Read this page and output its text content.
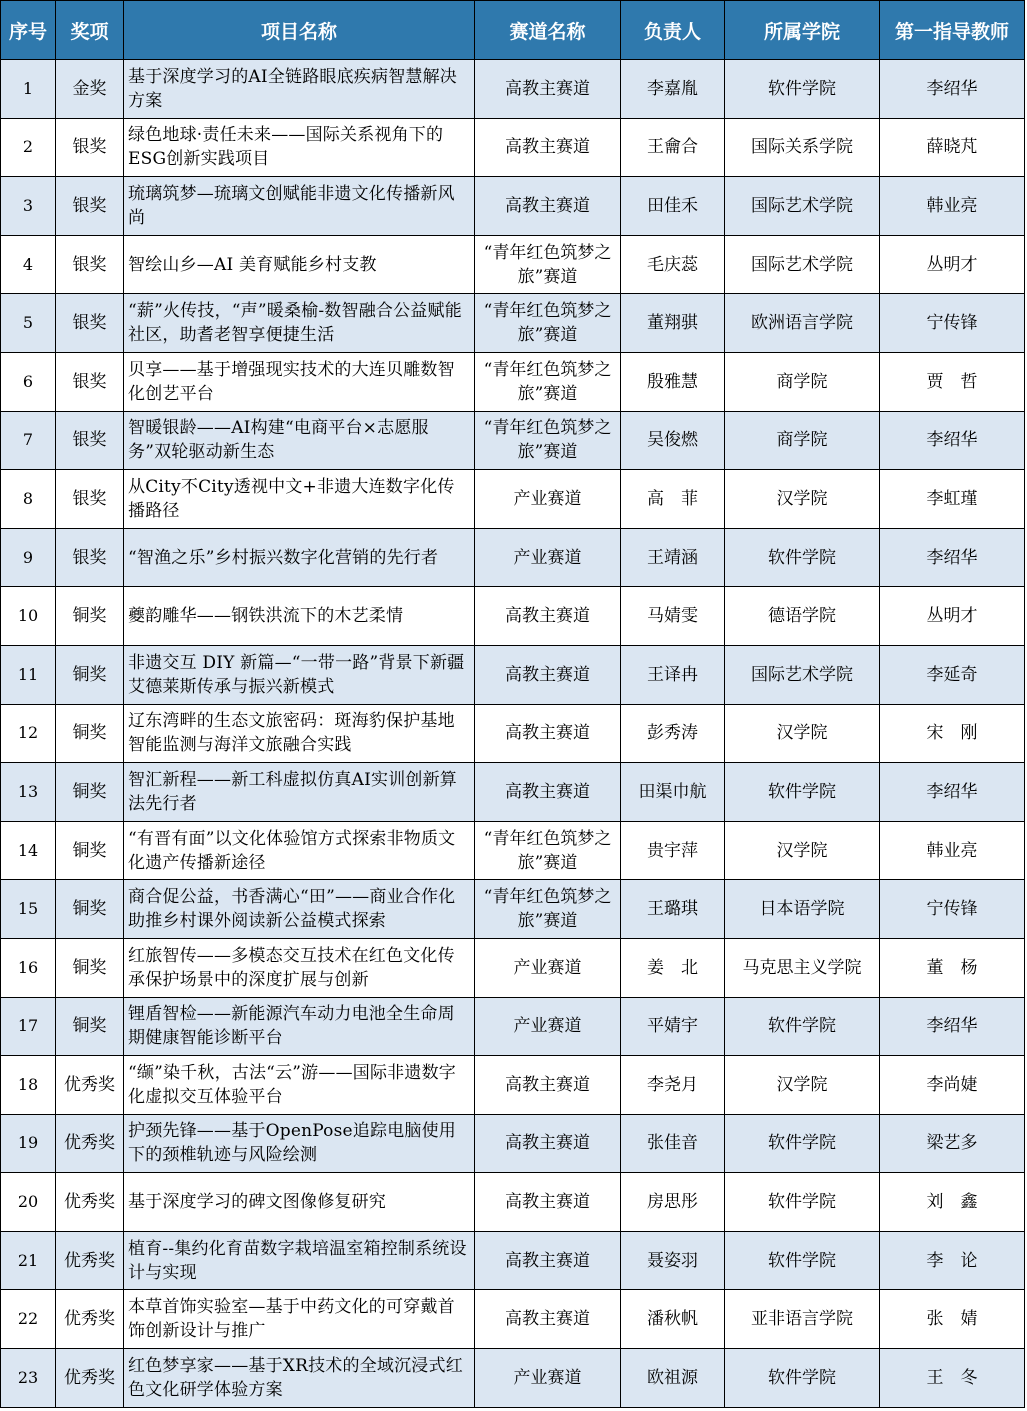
序号	奖项	项目名称	赛道名称	负责人	所属学院	第一指导教师
1	金奖	基于深度学习的AI全链路眼底疾病智慧解决方案	高教主赛道	李嘉胤	软件学院	李绍华
2	银奖	绿色地球·责任未来——国际关系视角下的ESG创新实践项目	高教主赛道	王龠合	国际关系学院	薛晓芃
3	银奖	琉璃筑梦—琉璃文创赋能非遗文化传播新风尚	高教主赛道	田佳禾	国际艺术学院	韩业亮
4	银奖	智绘山乡—AI 美育赋能乡村支教	“青年红色筑梦之旅”赛道	毛庆蕊	国际艺术学院	丛明才
5	银奖	“薪”火传技，“声”暖桑榆-数智融合公益赋能社区，助耆老智享便捷生活	“青年红色筑梦之旅”赛道	董翔骐	欧洲语言学院	宁传锋
6	银奖	贝享——基于增强现实技术的大连贝雕数智化创艺平台	“青年红色筑梦之旅”赛道	殷雅慧	商学院	贾　哲
7	银奖	智暖银龄——AI构建“电商平台×志愿服务”双轮驱动新生态	“青年红色筑梦之旅”赛道	吴俊燃	商学院	李绍华
8	银奖	从City不City透视中文+非遗大连数字化传播路径	产业赛道	高　菲	汉学院	李虹瑾
9	银奖	“智渔之乐”乡村振兴数字化营销的先行者	产业赛道	王靖涵	软件学院	李绍华
10	铜奖	夔韵雕华——钢铁洪流下的木艺柔情	高教主赛道	马婧雯	德语学院	丛明才
11	铜奖	非遗交互 DIY 新篇—“一带一路”背景下新疆艾德莱斯传承与振兴新模式	高教主赛道	王译冉	国际艺术学院	李延奇
12	铜奖	辽东湾畔的生态文旅密码：斑海豹保护基地智能监测与海洋文旅融合实践	高教主赛道	彭秀涛	汉学院	宋　刚
13	铜奖	智汇新程——新工科虚拟仿真AI实训创新算法先行者	高教主赛道	田渠巾航	软件学院	李绍华
14	铜奖	“有晋有面”以文化体验馆方式探索非物质文化遗产传播新途径	“青年红色筑梦之旅”赛道	贵宇萍	汉学院	韩业亮
15	铜奖	商合促公益，书香满心“田”——商业合作化助推乡村课外阅读新公益模式探索	“青年红色筑梦之旅”赛道	王璐琪	日本语学院	宁传锋
16	铜奖	红旅智传——多模态交互技术在红色文化传承保护场景中的深度扩展与创新	产业赛道	姜　北	马克思主义学院	董　杨
17	铜奖	锂盾智检——新能源汽车动力电池全生命周期健康智能诊断平台	产业赛道	平婧宇	软件学院	李绍华
18	优秀奖	“缬”染千秋，古法“云”游——国际非遗数字化虚拟交互体验平台	高教主赛道	李尧月	汉学院	李尚婕
19	优秀奖	护颈先锋——基于OpenPose追踪电脑使用下的颈椎轨迹与风险绘测	高教主赛道	张佳音	软件学院	梁艺多
20	优秀奖	基于深度学习的碑文图像修复研究	高教主赛道	房思彤	软件学院	刘　鑫
21	优秀奖	植育--集约化育苗数字栽培温室箱控制系统设计与实现	高教主赛道	聂姿羽	软件学院	李　论
22	优秀奖	本草首饰实验室—基于中药文化的可穿戴首饰创新设计与推广	高教主赛道	潘秋帆	亚非语言学院	张　婧
23	优秀奖	红色梦享家——基于XR技术的全域沉浸式红色文化研学体验方案	产业赛道	欧祖源	软件学院	王　冬
